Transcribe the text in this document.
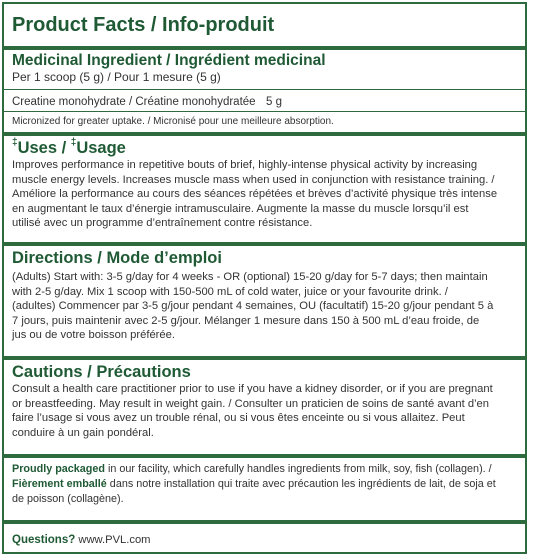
Product Facts / Info-produit
Medicinal Ingredient / Ingrédient medicinal
Per 1 scoop (5 g) / Pour 1 mesure (5 g)
Creatine monohydrate / Créatine monohydratée 5 g
Micronized for greater uptake. / Micronisé pour une meilleure absorption.
‡Uses / ‡Usage
Improves performance in repetitive bouts of brief, highly-intense physical activity by increasing
muscle energy levels. Increases muscle mass when used in conjunction with resistance training. /
Améliore la performance au cours des séances répétées et brèves d’activité physique très intense
en augmentant le taux d’énergie intramusculaire. Augmente la masse du muscle lorsqu’il est
utilisé avec un programme d’entraînement contre résistance.
Directions / Mode d’emploi
(Adults) Start with: 3-5 g/day for 4 weeks - OR (optional) 15-20 g/day for 5-7 days; then maintain
with 2-5 g/day. Mix 1 scoop with 150-500 mL of cold water, juice or your favourite drink. /
(adultes) Commencer par 3-5 g/jour pendant 4 semaines, OU (facultatif) 15-20 g/jour pendant 5 à
7 jours, puis maintenir avec 2-5 g/jour. Mélanger 1 mesure dans 150 à 500 mL d’eau froide, de
jus ou de votre boisson préférée.
Cautions / Précautions
Consult a health care practitioner prior to use if you have a kidney disorder, or if you are pregnant
or breastfeeding. May result in weight gain. / Consulter un praticien de soins de santé avant d’en
faire l’usage si vous avez un trouble rénal, ou si vous êtes enceinte ou si vous allaitez. Peut
conduire à un gain pondéral.
Proudly packaged in our facility, which carefully handles ingredients from milk, soy, fish (collagen). /
Fièrement emballé dans notre installation qui traite avec précaution les ingrédients de lait, de soja et
de poisson (collagène).
Questions? www.PVL.com
